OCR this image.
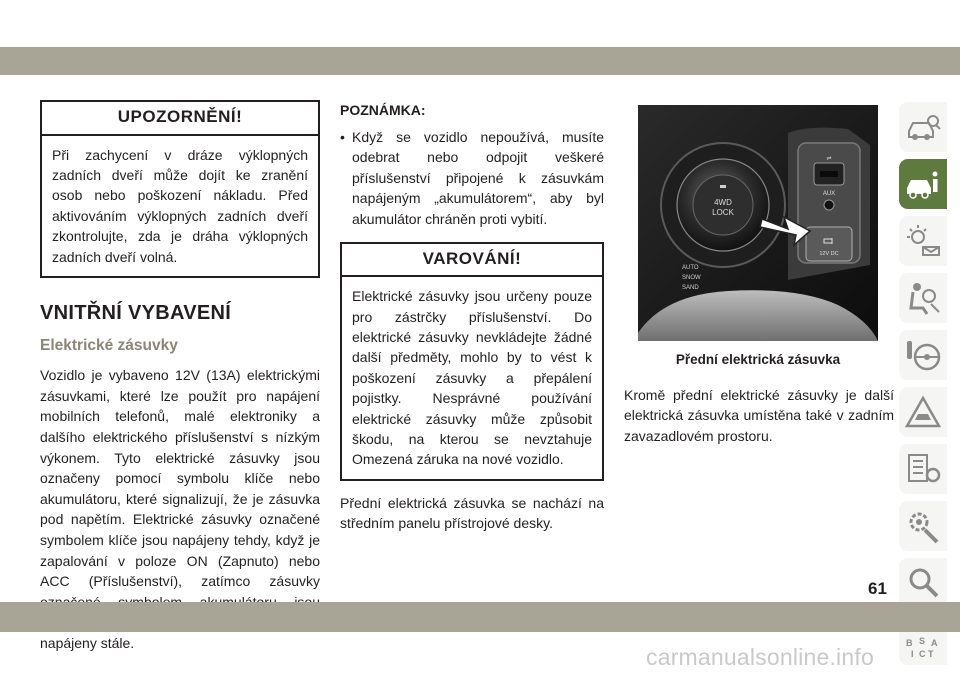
UPOZORNĚNÍ!
Při zachycení v dráze výklopných zadních dveří může dojít ke zranění osob nebo poškození nákladu. Před aktivováním výklopných zadních dveří zkontrolujte, zda je dráha výklopných zadních dveří volná.
VNITŘNÍ VYBAVENÍ
Elektrické zásuvky

Vozidlo je vybaveno 12V (13A) elektrickými zásuvkami, které lze použít pro napájení mobilních telefonů, malé elektroniky a dalšího elektrického příslušenství s nízkým výkonem. Tyto elektrické zásuvky jsou označeny pomocí symbolu klíče nebo akumulátoru, které signalizují, že je zásuvka pod napětím. Elektrické zásuvky označené symbolem klíče jsou napájeny tehdy, když je zapalování v poloze ON (Zapnuto) nebo ACC (Příslušenství), zatímco zásuvky napájeny stále.

POZNÁMKA:
• Když se vozidlo nepoužívá, musíte odebrat nebo odpojit veškeré příslušenství připojené k zásuvkám napájeným „akumulátorem“, aby byl akumulátor chráněn proti vybití.
VAROVÁNÍ!
Elektrické zásuvky jsou určeny pouze pro zástrčky příslušenství. Do elektrické zásuvky nevkládejte žádné další předměty, mohlo by to vést k poškození zásuvky a přepálení pojistky. Nesprávné používání elektrické zásuvky může způsobit škodu, na kterou se nevztahuje Omezená záruka na nové vozidlo.

Přední elektrická zásuvka se nachází na středním panelu přístrojové desky.

4WD
LOCK
AUTO
SNOW
SAND
⇌
AUX
12V DC
Přední elektrická zásuvka

Kromě přední elektrické zásuvky je další elektrická zásuvka umístěna také v zadním zavazadlovém prostoru.

B S A
I C T
61
carmanualsonline.info
